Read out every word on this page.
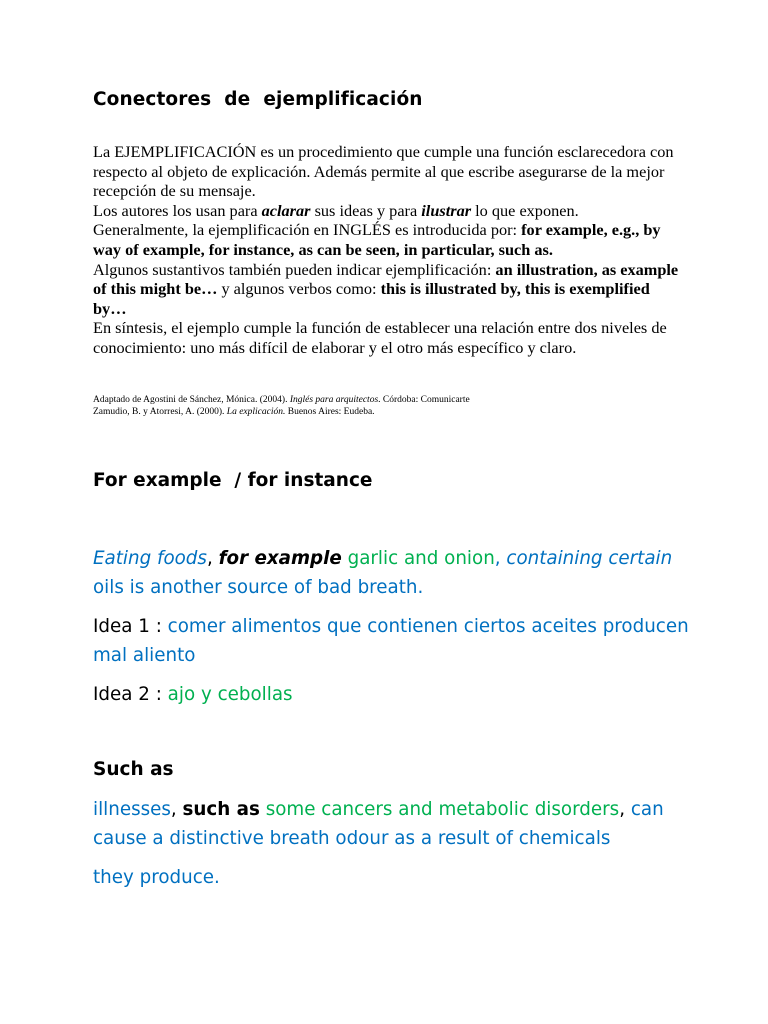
Conectores  de  ejemplificación

La EJEMPLIFICACIÓN es un procedimiento que cumple una función esclarecedora con respecto al objeto de explicación. Además permite al que escribe asegurarse de la mejor recepción de su mensaje.

Los autores los usan para aclarar sus ideas y para ilustrar lo que exponen.

Generalmente, la ejemplificación en INGLÉS es introducida por: for example, e.g., by way of example, for instance, as can be seen, in particular, such as.

Algunos sustantivos también pueden indicar ejemplificación: an illustration, as example of this might be… y algunos verbos como: this is illustrated by, this is exemplified by…

En síntesis, el ejemplo cumple la función de establecer una relación entre dos niveles de conocimiento: uno más difícil de elaborar y el otro más específico y claro.

Adaptado de Agostini de Sánchez, Mónica. (2004). Inglés para arquitectos. Córdoba: Comunicarte
Zamudio, B. y Atorresi, A. (2000). La explicación. Buenos Aires: Eudeba.
For example  / for instance
Eating foods, for example garlic and onion, containing certain oils is another source of bad breath.
Idea 1 : comer alimentos que contienen ciertos aceites producen mal aliento
Idea 2 : ajo y cebollas
Such as
illnesses, such as some cancers and metabolic disorders, can cause a distinctive breath odour as a result of chemicals
they produce.
